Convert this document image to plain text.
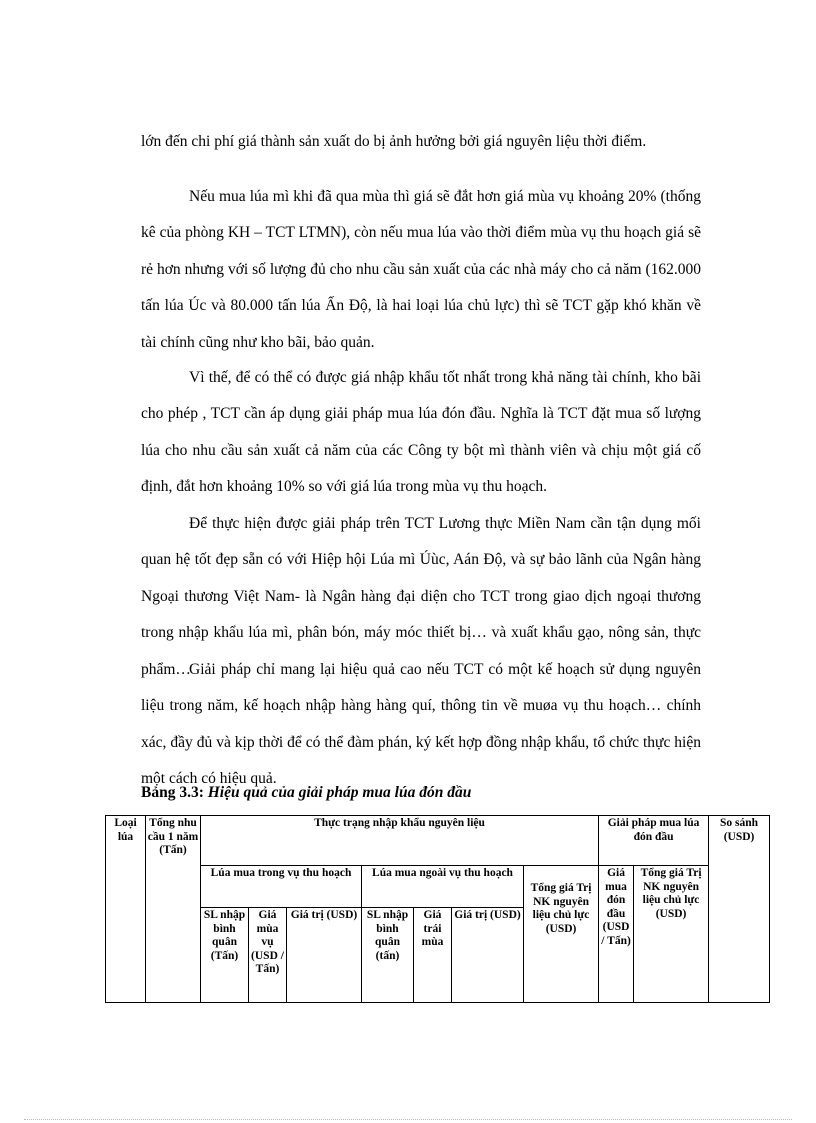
lớn đến chi phí giá thành sản xuất do bị ảnh hưởng bởi giá nguyên liệu thời điểm.

Nếu mua lúa mì khi đã qua mùa thì giá sẽ đắt hơn giá mùa vụ khoảng 20% (thống kê của phòng KH – TCT LTMN), còn nếu mua lúa vào thời điểm mùa vụ thu hoạch giá sẽ rẻ hơn nhưng với số lượng đủ cho nhu cầu sản xuất của các nhà máy cho cả năm (162.000 tấn lúa Úc và 80.000 tấn lúa Ấn Độ, là hai loại lúa chủ lực) thì sẽ TCT gặp khó khăn về tài chính cũng như kho bãi, bảo quản.

Vì thế, để có thể có được giá nhập khẩu tốt nhất trong khả năng tài chính, kho bãi cho phép , TCT cần áp dụng giải pháp mua lúa đón đầu. Nghĩa là TCT đặt mua số lượng lúa cho nhu cầu sản xuất cả năm của các Công ty bột mì thành viên và chịu một giá cố định, đắt hơn khoảng 10% so với giá lúa trong mùa vụ thu hoạch.

Để thực hiện được giải pháp trên TCT Lương thực Miền Nam cần tận dụng mối quan hệ tốt đẹp sẵn có với Hiệp hội Lúa mì Úùc, Aán Độ, và sự bảo lãnh của Ngân hàng Ngoại thương Việt Nam- là Ngân hàng đại diện cho TCT trong giao dịch ngoại thương trong nhập khẩu lúa mì, phân bón, máy móc thiết bị… và xuất khẩu gạo, nông sản, thực phẩm…

Giải pháp chỉ mang lại hiệu quả cao nếu TCT có một kế hoạch sử dụng nguyên liệu trong năm, kế hoạch nhập hàng hàng quí, thông tin về muøa vụ thu hoạch… chính xác, đầy đủ và kịp thời để có thể đàm phán, ký kết hợp đồng nhập khẩu, tổ chức thực hiện một cách có hiệu quả.

Bảng 3.3: Hiệu quả của giải pháp mua lúa đón đầu
Loại lúa	Tổng nhu cầu 1 năm (Tấn)	Thực trạng nhập khẩu nguyên liệu							Giải pháp mua lúa đón đầu		So sánh (USD)
		Lúa mua trong vụ thu hoạch			Lúa mua ngoài vụ thu hoạch			Tổng giá Trị NK nguyên liệu chủ lực (USD)	Giá mua đón đầu (USD / Tấn)	Tổng giá Trị NK nguyên liệu chủ lực (USD)	
		SL nhập bình quân (Tấn)	Giá mùa vụ (USD / Tấn)	Giá trị (USD)	SL nhập bình quân (tấn)	Giá trái mùa	Giá trị (USD)				
